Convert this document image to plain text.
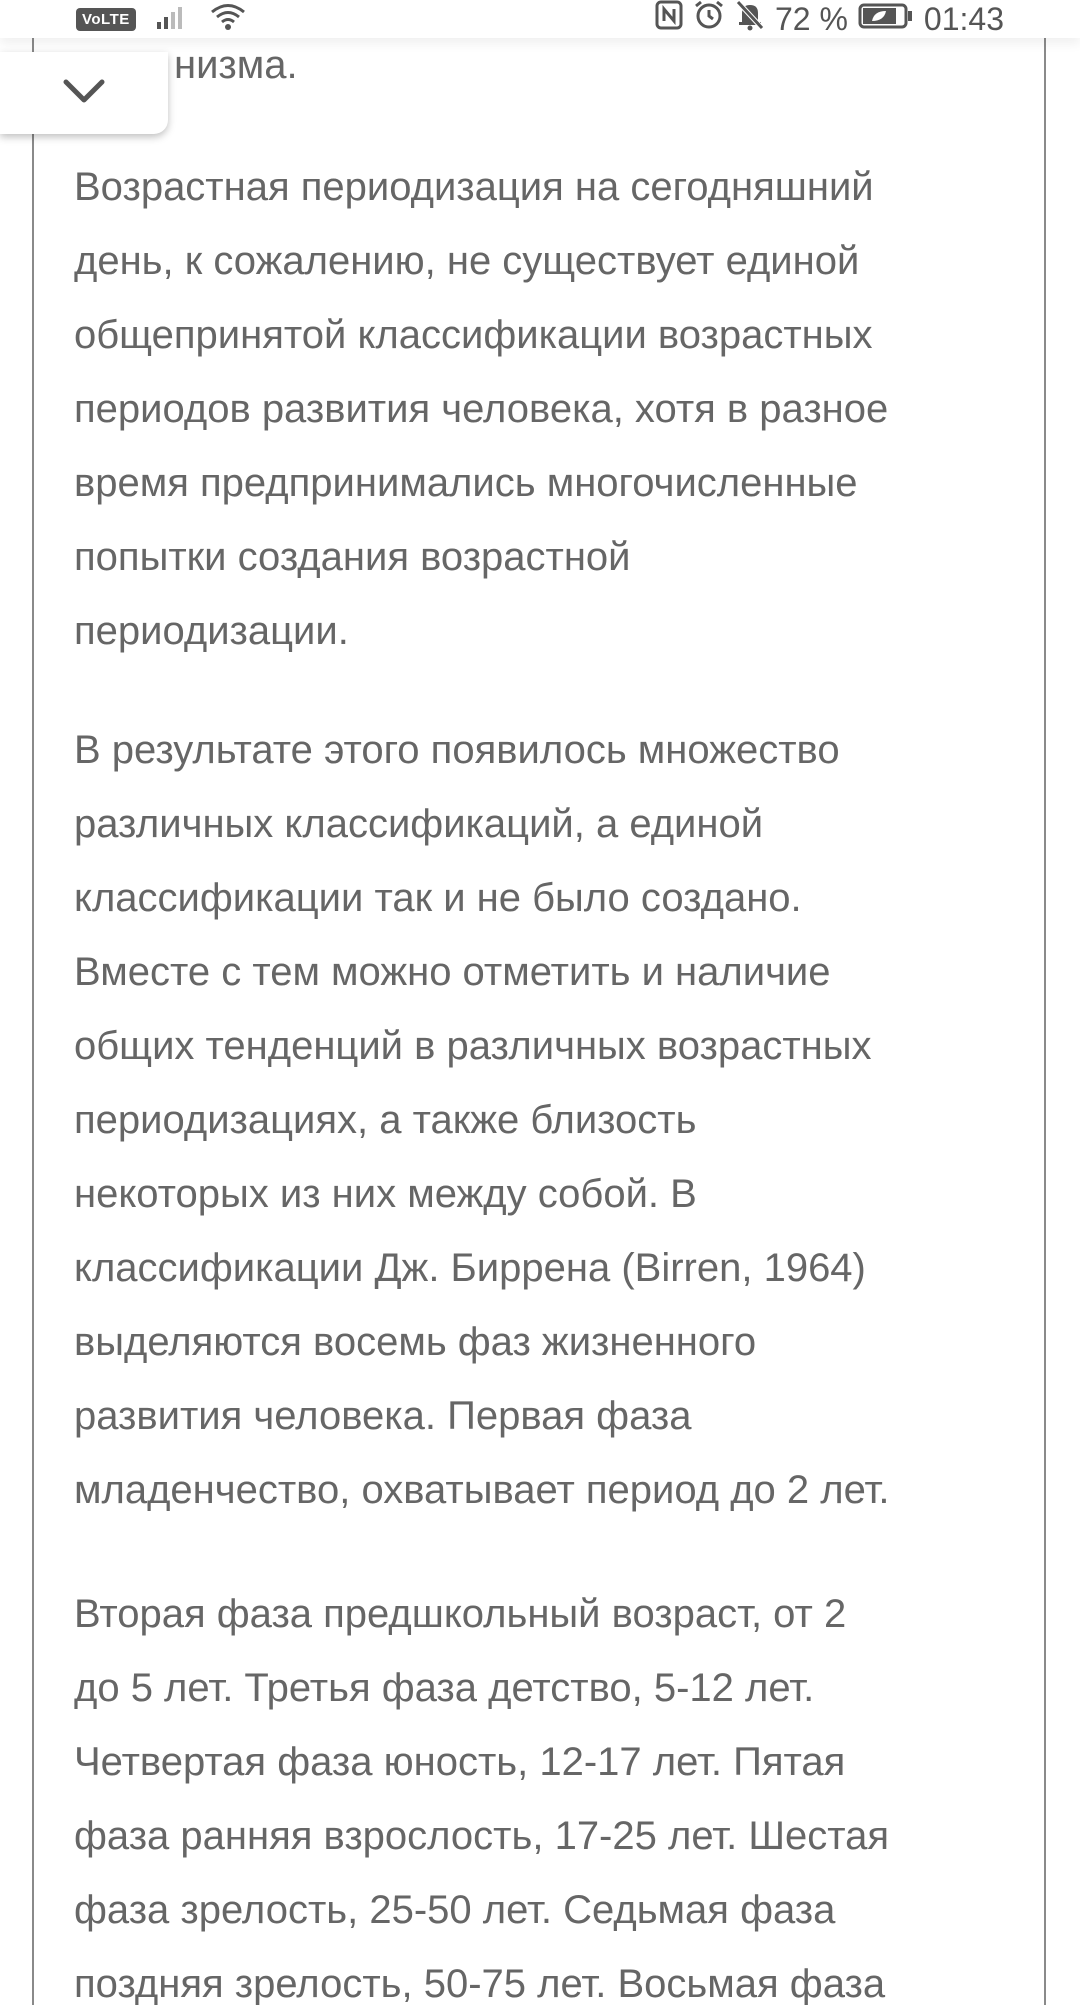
VoLTE	72 % 01:43
низма.
Возрастная периодизация на сегодняшний
день, к сожалению, не существует единой
общепринятой классификации возрастных
периодов развития человека, хотя в разное
время предпринимались многочисленные
попытки создания возрастной
периодизации.
В результате этого появилось множество
различных классификаций, а единой
классификации так и не было создано.
Вместе с тем можно отметить и наличие
общих тенденций в различных возрастных
периодизациях, а также близость
некоторых из них между собой. В
классификации Дж. Биррена (Birren, 1964)
выделяются восемь фаз жизненного
развития человека. Первая фаза
младенчество, охватывает период до 2 лет.
Вторая фаза предшкольный возраст, от 2
до 5 лет. Третья фаза детство, 5-12 лет.
Четвертая фаза юность, 12-17 лет. Пятая
фаза ранняя взрослость, 17-25 лет. Шестая
фаза зрелость, 25-50 лет. Седьмая фаза
поздняя зрелость, 50-75 лет. Восьмая фаза
